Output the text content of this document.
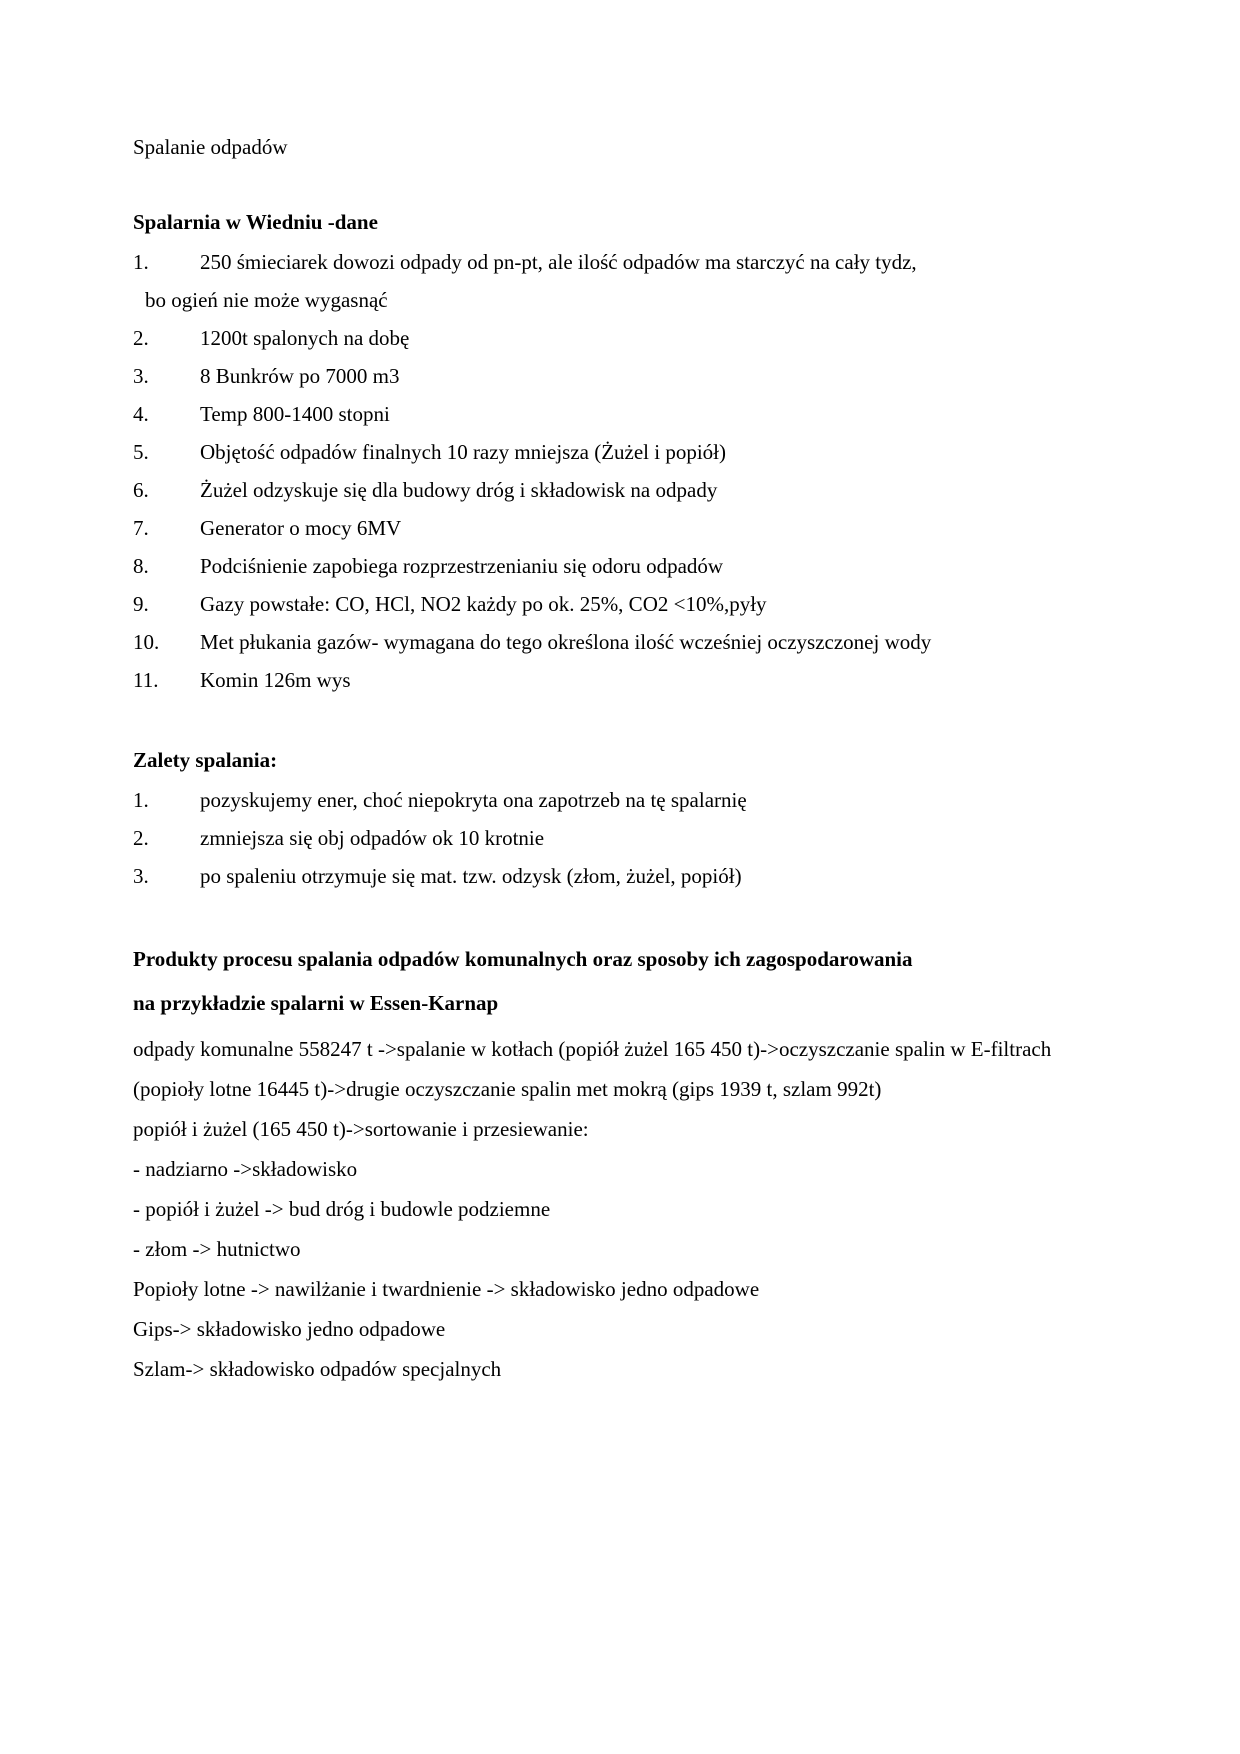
Spalanie odpadów

Spalarnia w Wiedniu -dane

1. 250 śmieciarek dowozi odpady od pn-pt, ale ilość odpadów ma starczyć na cały tydz,
bo ogień nie może wygasnąć
2. 1200t spalonych na dobę
3. 8 Bunkrów po 7000 m3
4. Temp 800-1400 stopni
5. Objętość odpadów finalnych 10 razy mniejsza (Żużel i popiół)
6. Żużel odzyskuje się dla budowy dróg i składowisk na odpady
7. Generator o mocy 6MV
8. Podciśnienie zapobiega rozprzestrzenianiu się odoru odpadów
9. Gazy powstałe: CO, HCl, NO2 każdy po ok. 25%, CO2 <10%,pyły
10. Met płukania gazów- wymagana do tego określona ilość wcześniej oczyszczonej wody
11. Komin 126m wys

Zalety spalania:

1. pozyskujemy ener, choć niepokryta ona zapotrzeb na tę spalarnię
2. zmniejsza się obj odpadów ok 10 krotnie
3. po spaleniu otrzymuje się mat. tzw. odzysk (złom, żużel, popiół)

Produkty procesu spalania odpadów komunalnych oraz sposoby ich zagospodarowania

na przykładzie spalarni w Essen-Karnap

odpady komunalne 558247 t ->spalanie w kotłach (popiół żużel 165 450 t)->oczyszczanie spalin w E-filtrach (popioły lotne 16445 t)->drugie oczyszczanie spalin met mokrą (gips 1939 t, szlam 992t)

popiół i żużel (165 450 t)->sortowanie i przesiewanie:

- nadziarno ->składowisko

- popiół i żużel -> bud dróg i budowle podziemne

- złom -> hutnictwo

Popioły lotne -> nawilżanie i twardnienie -> składowisko jedno odpadowe

Gips-> składowisko jedno odpadowe

Szlam-> składowisko odpadów specjalnych
